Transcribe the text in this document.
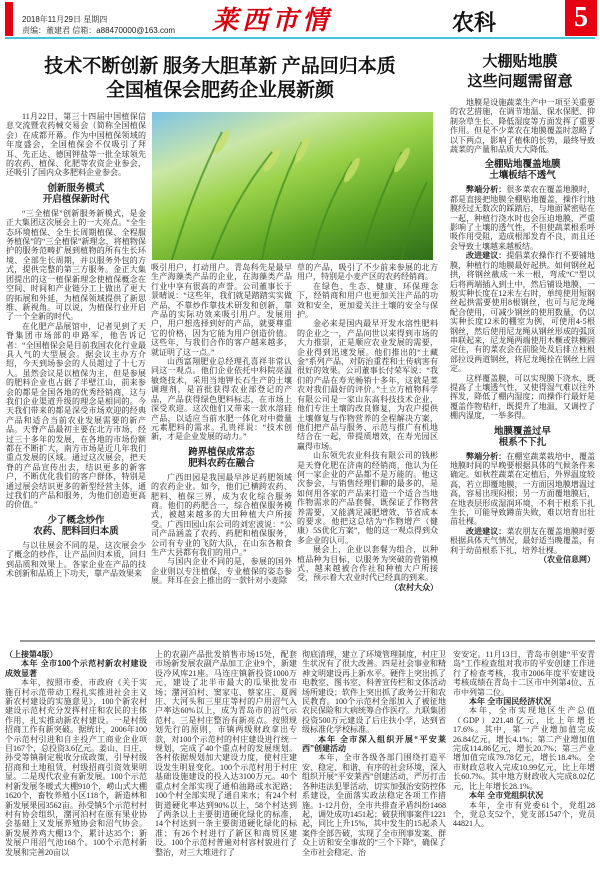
2018年11月29日 星期四
责编：董建君 信箱：a88470000@163.com 莱西市情	农科	5
技术不断创新 服务大胆革新 产品回归本质
全国植保会肥药企业展新颜

11月22日，第三十四届中国植保信息交流暨农药械交易会（简称全国植保会）在成都开幕。作为中国植保领域的年度盛会，全国植保会不仅吸引了拜耳、先正达、德国钾盐等一批全球领先的农药、植保、化肥等农资企业参会，还吸引了国内众多肥料企业参会。

创新服务模式
开启植保新时代

“三全植保”创新服务新模式，是金正大集团这次展会上的一大亮点。“全生态环境植保、全生长周期植保、全程服务植保”的“三全植保”新理念，将植物保护的服务范畴扩展到植物的所有生长环境、全部生长周期，并以服务外包的方式，提供完整的第三方服务。金正大集团提出的这一植保新理念使植保概念在空间、时间和产业链分工上做出了更大的拓展和外延，为植保领域提供了新思维、新视角。可以说，为植保行业开启了一个全新的时代。

在化肥产品展馆中，记者见到了天脊集团市场部的申路军，他告诉记者：“全国植保会是目前我国农化行业最具人气的大型展会。据会议主办方介绍，今天到场参会的人员超过了十七万人。虽然会议是以植保为主，但是参展的肥料企业也占据了半壁江山，前来参会的都是全国各地的优秀经销商，这与我们企业渠道升级的理念是相同的。今天我们带来的都是深受市场欢迎的经典产品和适合当前农业发展需要的新产品。天脊产品最初主要在北方市场，经过三十多年的发展，在各地的市场份额都在不断扩大，南方市场是近几年我们重点发展的区域。通过这次展会，把天脊的产品宣传出去，结识更多的新客户，不断优化我们的客户群体，特别是通过展会结识更多的新型经营主体，通过我们的产品和服务，为他们创造更高的价值。”

少了概念炒作
农药、肥料回归本质

与以往展会不同的是，这次展会少了概念的炒作，让产品回归本质，回归到品质和效果上。各家企业在产品的技术创新和品质上下功夫，靠产品效果来

吸引用户，打动用户。青岛科先是最早生产海藻类产品的企业，在海藻类产品行业中享有很高的声誉。公司董事长于景晴说：“这些年，我们就是踏踏实实做产品，不靠炒作靠技术研发和创新，靠产品的实际功效来吸引用户。发展用户，用户想选择到好的产品，就要尊重它的价格，因为它能为用户创造价值。这些年，与我们合作的客户越来越多，就证明了这一点。”

山西富翔肥业总经理孔喜祥非常认同这一观点。他们企业依托中科院亮温敏烧技术，采用当地钾长石生产的土壤调理剂，是首批获得农业部登记的产品，产品获得绿色肥料标志，在市场上深受欢迎。这次他们又带来一款水溶硅产品，以适应当前水肥一体化对中微量元素肥料的需求。孔贵祥说：“技术创新，才是企业发展的动力。”

跨界植保成常态
肥料农药在融合

广西田园是我国最早涉足药肥领域的农药企业。如今，他们已横跨农药、肥料、植保三界，成为农化综合服务商。他们的药肥合一，综合植保服务模式，被越来越多的大田种植大户所接受。广西田园山东公司的刘宏波说：“公司产品涵盖了农药、药肥和植保服务，公司有专业的飞防大队，在山东各粮食生产大县都有我们的用户。”

与国内企业不同的是，参展的国外企业则以专注植保，专业植保的姿态参展。拜耳在会上推出的一款针对小麦除

草的产品，吸引了不少前来参展的北方用户，特别是小麦产区的农药经销商。

在绿色、生态、健康、环保理念下，经销商和用户也更加关注产品的功效和安全，更加爱关注土壤的安全与保护。

金必来是国内最早开发水溶性肥料的企业之一，产品问世以来得到市场的大力推崇，正是顺应农业发展的需要，企业得到迅速发展。他们推出的“土藏金”系列产品，对防治重茬和土传病害有很好的效果。公司董事长付荣军说：“我们的产品在寿光畅销十多年，这就是菜农对我们最好的评价。”土立方植物科学有限公司是一家山东高科技技术企业，他们专注土壤的改良修复，为农户提供土壤修复与作物营养的全程解决方案，他们把产品与服务、示范与推广有机地结合在一起，带提质增效，在寿光园区赢得市场。

山东领先农业科技有限公司的钱彬是天脊化肥在济南的经销商，他认为任何一家企业的产品都不是万能的。他这次参会，与销售经理们聊的最多的，是如何用各家的产品来打造一个适合当地作物需求的产品套餐，既保证了作物营养需要，又能满足减肥增效、节省成本的要求。他把这总结为“作物增产（健康）5S优化方案”，他的这一观点得到众多企业的认可。

展会上，企业以套餐为组合，以种植品种为目标，以服务为突破的营销模式，越来越被合作社和种植大户所接受，预示着大农业时代已经真的到来。

（农村大众）

大棚贴地膜
这些问题需留意

地膜是设施蔬菜生产中一项至关重要的农艺措施，在调节地温、保水保肥、抑制杂草生长、降低湿度等方面发挥了重要作用。但是不少菜农在地膜覆盖时忽略了以下两点，影响了植株的长势，最终导致蔬菜的产量和品质大大降低。

全棚贴地覆盖地膜
土壤板结不透气

弊端分析：很多菜农在覆盖地膜时，都是直接把地膜全棚贴地覆盖，操作行地膜经过无数次的踩踏后，与地面紧密贴在一起，种植行浇水时也会压迫地膜，严重影响了土壤的透气性，不但使蔬菜根系呼吸作用受阻，造成根部发育不良，而且还会导致土壤越来越板结。

改进建议：提倡菜农操作行不要铺地膜，种植行的地膜最好起拱。如何钢丝起拱，将钢丝截成一米一根，弯成“C”型以后将两端插入到土中，然后铺设地膜，一般实种长度在12米左右时，单纯使用短钢丝起拱需要使用8根钢丝，也可与尼龙绳配合使用，可减少钢丝的使用数量，仍以实种长度12米的棚室为例，可使用4-5根钢丝，然后使用尼龙绳从钢丝形成的弧顶串联起来，尼龙绳两端使用木橛或铁橛固定住，有的菜农会在前脸处及后排立柱根部拉设两道钢丝，将尼龙绳拴在钢丝上固定。

这样覆盖膜，可以实现膜下浇水，既提高了土壤透气性，又使得湿气难以往外挥发，降低了棚内湿度；而操作行最好是覆盖作物秸秆，既提升了地温，又调控了棚内湿度，一举多得。

地膜覆盖过早
根系不下扎

弊端分析：在棚室蔬菜栽培中，覆盖地膜时间的早晚要根据具体的气候条件来确定。如秋茬蔬菜在定植后，外界温度较高，若立即覆地膜，一方面因地膜增温过高，容易出现闷根；另一方面覆地膜后，在地表层形成湿润环境，不利于根系下扎生长，可能导致蹲苗失败，难以培育出壮苗壮棵。

改进建议：菜农朋友在覆盖地膜时要根据具体天气情况，最好适当晚覆盖，有利于幼苗根系下扎，培养壮棵。

（农业信息网）

（上接第4版）

本年 全市100个示范村新农村建设成效显著

本年，按照市委、市政府《关于实施百村示范带动工程扎实推进社会主义新农村建设的实施意见》，100个新农村建设示范村充分发挥村庄和农民的主体作用，扎实推动新农村建设。一是村级招商工作有新突破。据统计，2006年100个示范村引进和自主投产工商业企业项目167个，总投资3.6亿元。姜山、日庄、孙受等镇制定税收分成政策，引导村级招商和土地租赁，村级招商引资效果明显。二是现代农业有新发展。100个示范村新发展冬暖式大棚910个，崂山式大棚1620个，畜牧养殖小区118个，新造林和新发展果园3562亩。孙受镇5个示范村村村有协会组织，潴河泊村在原有果业协会基础上又发展养殖协会和沼气协会。新发展养鸡大棚13个，累计达35个；新发展户用沼气池168个。100个示范村新发展和完善20亩以

上的农副产品批发销售市场15处，配套市场新发展农副产品加工企业9个，新建设冷风库21座。马连庄镇新投资1000万元，建设了北半市最大的瓜果批发市场；潴河泊村、窦家屯、蔡家庄、夏阁庄、大河头和三里庄等村的户用沼气入户率达60%以上，成为青岛市的沼气示范村。三是村庄整治有新亮点。按照规划先行的原则，市镇两级财政拿出专款，对100个示范村的村庄建设进行统一规划，完成了40个重点村的发展规划。各村依据规划加大建设力度，使村庄建设发生明显变化。100个示范村用于村庄基础设施建设的投入达3100万元。40个重点村全部实现了通柏油路或水泥路；100个村全部实现了通自来水；有24个村街道硬化率达到90%以上，58个村达到了两条以上主要街道硬化绿化的标准，14个村达到一条主要街道硬化绿化的标准；有26个村进行了新区和商贸区建设。100个示范村普遍对村容村貌进行了整治，对三大堆进行了

彻底清理，建立了环境管理制度，村庄卫生状况有了很大改善。四是社会事业和精神文明建设再上新水平。硬件上突出抓了电教室、图书室、科普宣传栏和文体活动场所建设；软件上突出抓了政务公开和农民教育。100个示范村全部加入了被征地农民保险和大病统筹合作医疗。九联集团投资500万元建设了后庄扶小学，达到省级标准化学校标准。

本年 全市深入组织开展“平安莱西”创建活动

本年，全市各级各部门围绕打造平安、稳定、和谐、有序的社会环境，深入组织开展“平安莱西”创建活动，严厉打击各种违法犯罪活动，切实加强治安防控体系建设，全面落实政法稳定各项工作措施。1-12月份，全市共排查矛盾纠纷1468起，调处成功1451起；破获刑事案件1221起，同比上升15%，其中发生的15起杀人案件全部告破，实现了全市刑事发案、群众上访和安全事故的“三个下降”，确保了全市社会稳定、治

安安定。11月13日，青岛市创建“平安青岛”工作检查组对我市的平安创建工作进行了检查考核，我市2006年度平安建设考核成绩在青岛十二区市中列第4位、五市中列第二位。

本年 全市国民经济状况

本年，全市实现地区生产总值（GDP）221.48亿元，比上年增长17.6%。其中，第一产业增加值完成26.84亿元，增长4.1%；第二产业增加值完成114.86亿元，增长20.7%；第三产业增加值完成79.78亿元，增长18.4%。全市财政总收入完成10.99亿元，比上年增长60.7%。其中地方财政收入完成8.02亿元，比上年增长28.1%。

本年 全市党组织状况

本年，全市有党委61个，党组28个，党总支52个，党支部1547个，党员44821人。
